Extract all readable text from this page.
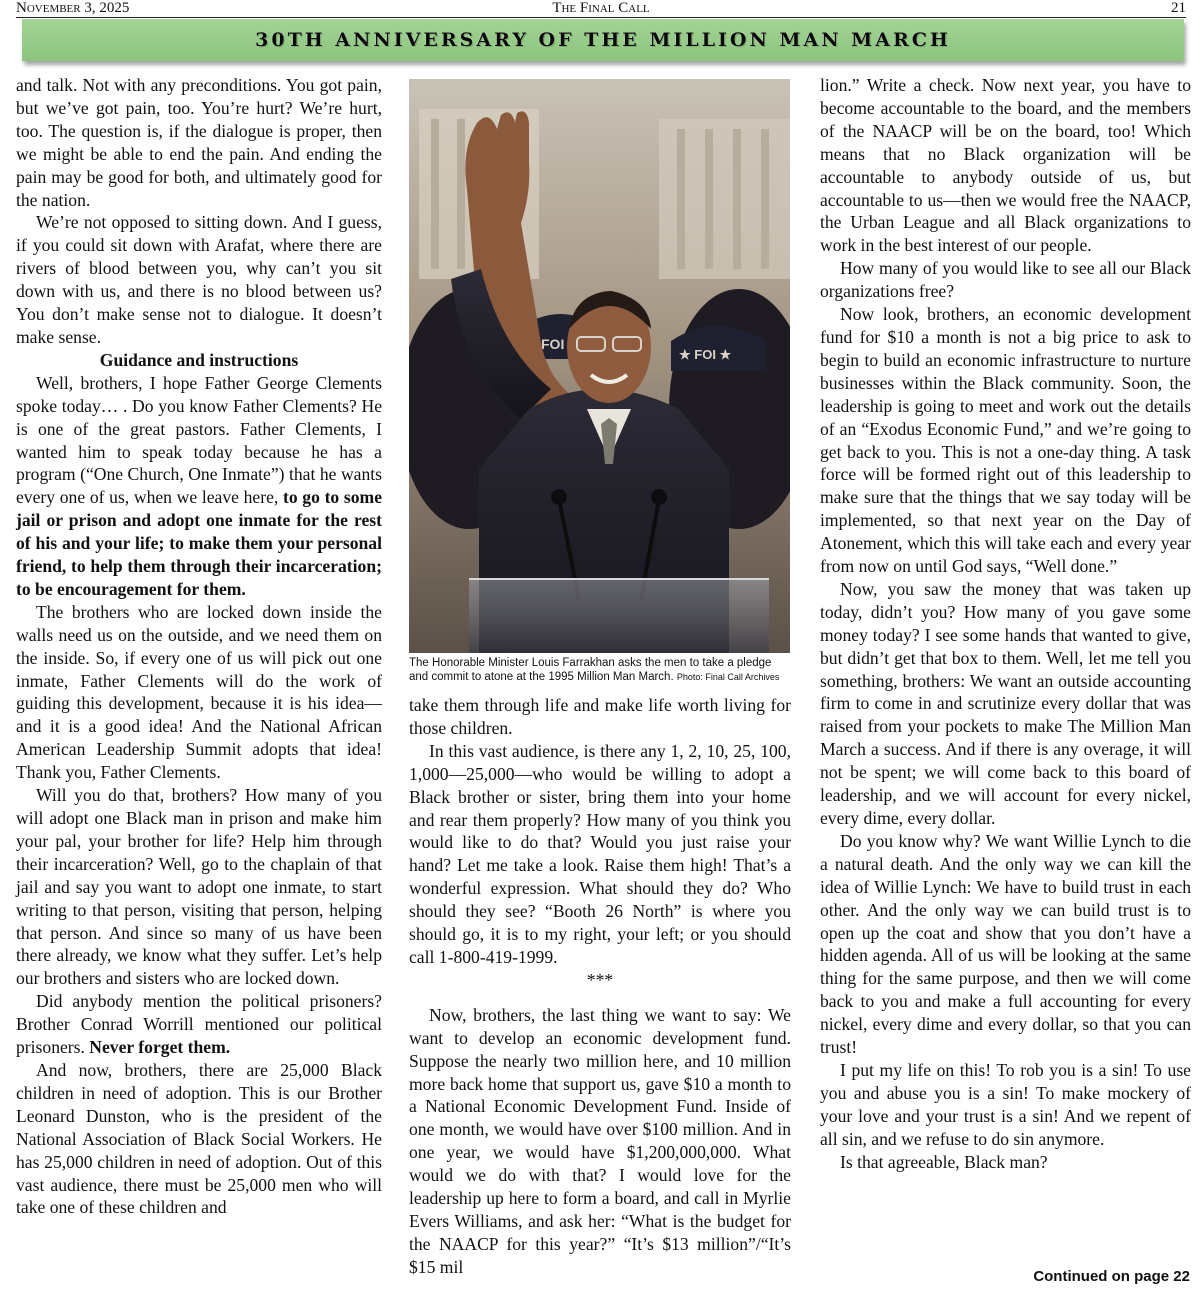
November 3, 2025	The Final Call	21
30TH ANNIVERSARY OF THE MILLION MAN MARCH

and talk. Not with any preconditions. You got pain, but we’ve got pain, too. You’re hurt? We’re hurt, too. The question is, if the dialogue is proper, then we might be able to end the pain. And ending the pain may be good for both, and ultimately good for the nation.

We’re not opposed to sitting down. And I guess, if you could sit down with Arafat, where there are rivers of blood between you, why can’t you sit down with us, and there is no blood between us? You don’t make sense not to dialogue. It doesn’t make sense.

Guidance and instructions

Well, brothers, I hope Father George Clements spoke today… . Do you know Father Clements? He is one of the great pastors. Father Clements, I wanted him to speak today because he has a program (“One Church, One Inmate”) that he wants every one of us, when we leave here, to go to some jail or prison and adopt one inmate for the rest of his and your life; to make them your personal friend, to help them through their incarceration; to be encouragement for them.

The brothers who are locked down inside the walls need us on the outside, and we need them on the inside. So, if every one of us will pick out one inmate, Father Clements will do the work of guiding this development, because it is his idea—and it is a good idea! And the National African American Leadership Summit adopts that idea! Thank you, Father Clements.

Will you do that, brothers? How many of you will adopt one Black man in prison and make him your pal, your brother for life? Help him through their incarceration? Well, go to the chaplain of that jail and say you want to adopt one inmate, to start writing to that person, visiting that person, helping that person. And since so many of us have been there already, we know what they suffer. Let’s help our brothers and sisters who are locked down.

Did anybody mention the political prisoners? Brother Conrad Worrill mentioned our political prisoners. Never forget them.

And now, brothers, there are 25,000 Black children in need of adoption. This is our Brother Leonard Dunston, who is the president of the National Association of Black Social Workers. He has 25,000 children in need of adoption. Out of this vast audience, there must be 25,000 men who will take one of these children and

FOI
★ FOI ★
The Honorable Minister Louis Farrakhan asks the men to take a pledge and commit to atone at the 1995 Million Man March. Photo: Final Call Archives

take them through life and make life worth living for those children.

In this vast audience, is there any 1, 2, 10, 25, 100, 1,000—25,000—who would be willing to adopt a Black brother or sister, bring them into your home and rear them properly? How many of you think you would like to do that? Would you just raise your hand? Let me take a look. Raise them high! That’s a wonderful expression. What should they do? Who should they see? “Booth 26 North” is where you should go, it is to my right, your left; or you should call 1-800-419-1999.

***

Now, brothers, the last thing we want to say: We want to develop an economic development fund. Suppose the nearly two million here, and 10 million more back home that support us, gave $10 a month to a National Economic Development Fund. Inside of one month, we would have over $100 million. And in one year, we would have $1,200,000,000. What would we do with that? I would love for the leadership up here to form a board, and call in Myrlie Evers Williams, and ask her: “What is the budget for the NAACP for this year?” “It’s $13 million”/“It’s $15 mil

lion.” Write a check. Now next year, you have to become accountable to the board, and the members of the NAACP will be on the board, too! Which means that no Black organization will be accountable to anybody outside of us, but accountable to us—then we would free the NAACP, the Urban League and all Black organizations to work in the best interest of our people.

How many of you would like to see all our Black organizations free?

Now look, brothers, an economic development fund for $10 a month is not a big price to ask to begin to build an economic infrastructure to nurture businesses within the Black community. Soon, the leadership is going to meet and work out the details of an “Exodus Economic Fund,” and we’re going to get back to you. This is not a one-day thing. A task force will be formed right out of this leadership to make sure that the things that we say today will be implemented, so that next year on the Day of Atonement, which this will take each and every year from now on until God says, “Well done.”

Now, you saw the money that was taken up today, didn’t you? How many of you gave some money today? I see some hands that wanted to give, but didn’t get that box to them. Well, let me tell you something, brothers: We want an outside accounting firm to come in and scrutinize every dollar that was raised from your pockets to make The Million Man March a success. And if there is any overage, it will not be spent; we will come back to this board of leadership, and we will account for every nickel, every dime, every dollar.

Do you know why? We want Willie Lynch to die a natural death. And the only way we can kill the idea of Willie Lynch: We have to build trust in each other. And the only way we can build trust is to open up the coat and show that you don’t have a hidden agenda. All of us will be looking at the same thing for the same purpose, and then we will come back to you and make a full accounting for every nickel, every dime and every dollar, so that you can trust!

I put my life on this! To rob you is a sin! To use you and abuse you is a sin! To make mockery of your love and your trust is a sin! And we repent of all sin, and we refuse to do sin anymore.

Is that agreeable, Black man?

Continued on page 22
